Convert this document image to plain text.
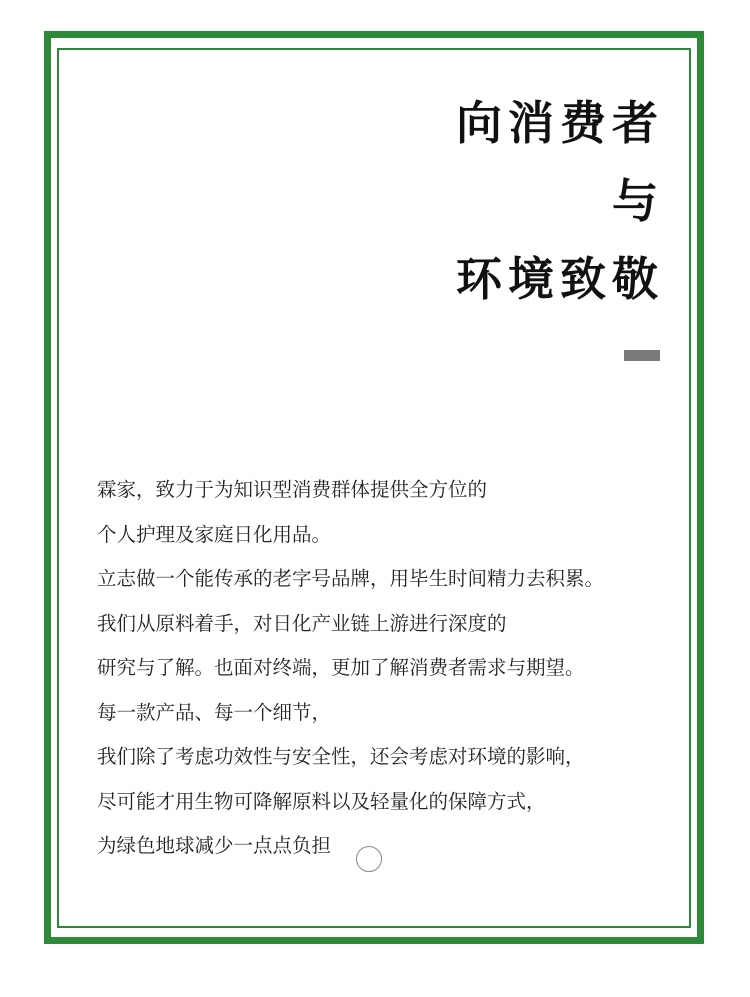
向消费者
与
环境致敬
霖家，致力于为知识型消费群体提供全方位的
个人护理及家庭日化用品。
立志做一个能传承的老字号品牌，用毕生时间精力去积累。
我们从原料着手，对日化产业链上游进行深度的
研究与了解。也面对终端，更加了解消费者需求与期望。
每一款产品、每一个细节，
我们除了考虑功效性与安全性，还会考虑对环境的影响，
尽可能才用生物可降解原料以及轻量化的保障方式，
为绿色地球减少一点点负担
